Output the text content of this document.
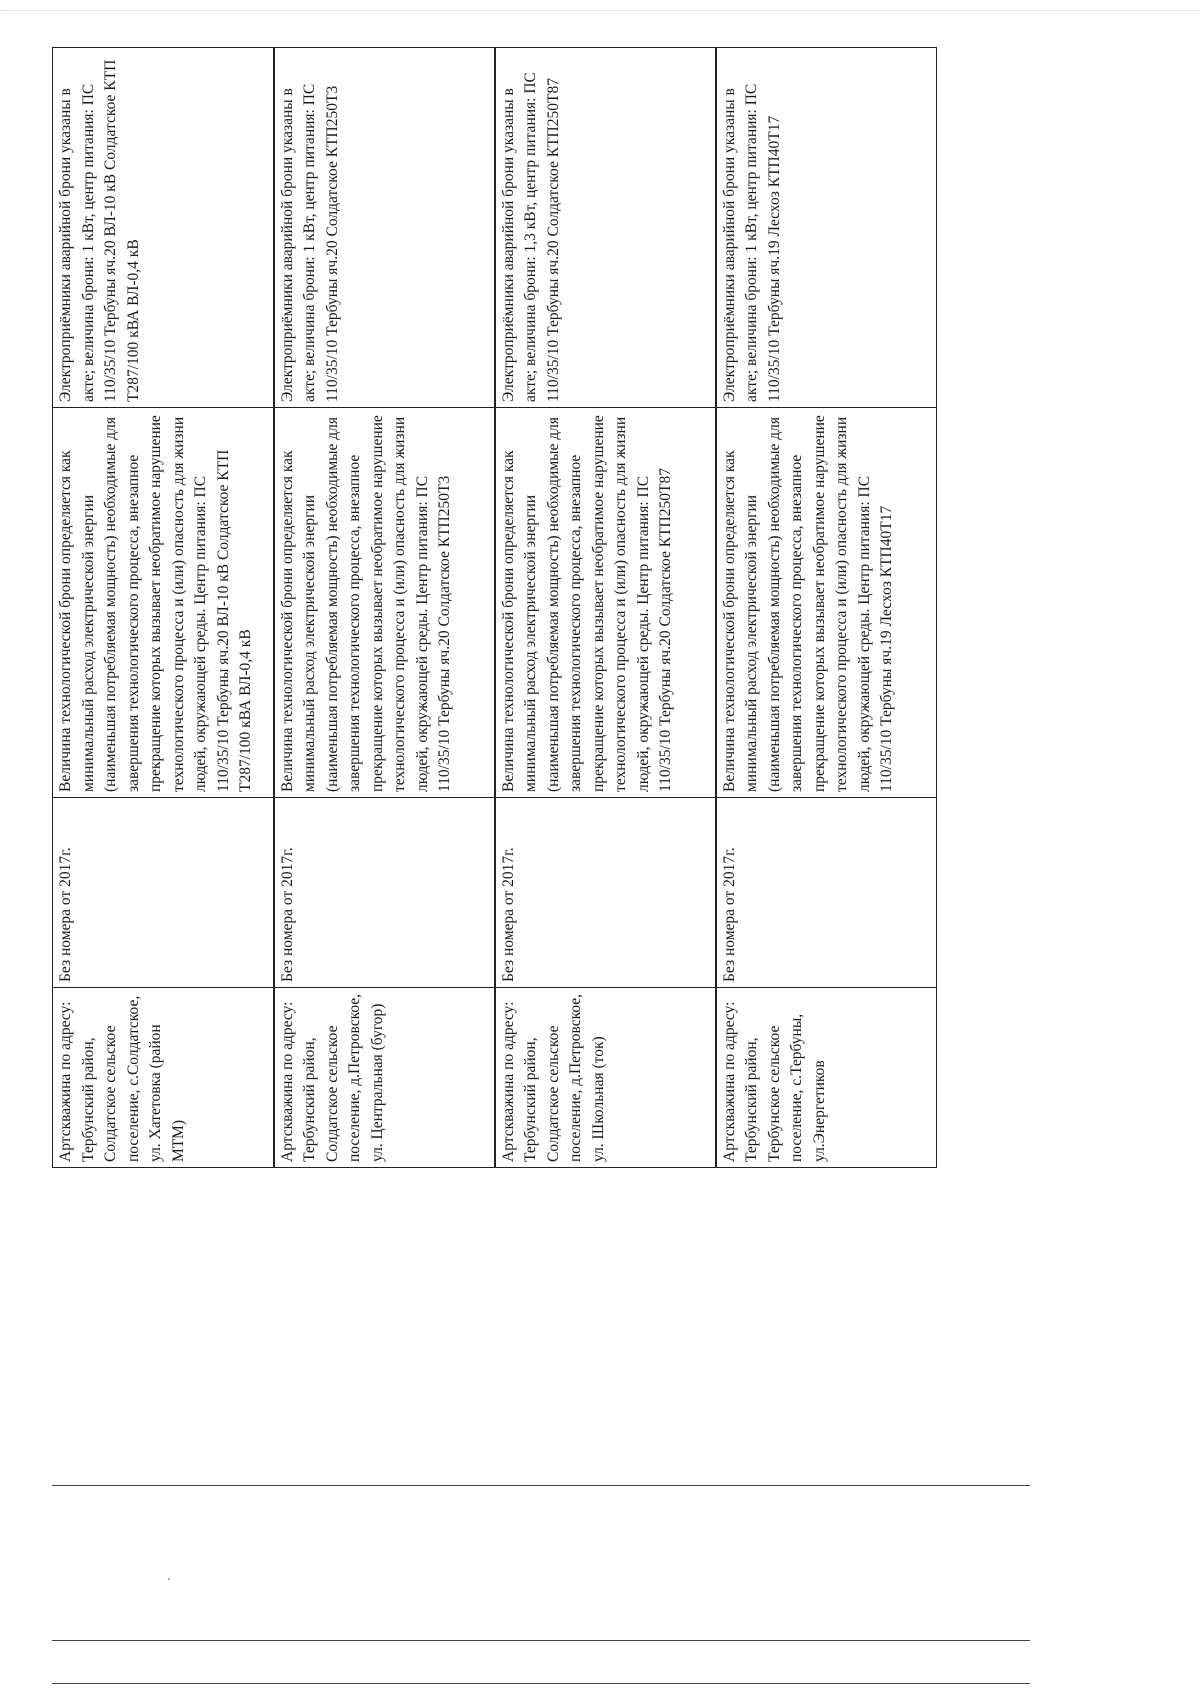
Артскважина по адресу: Тербунский район, Солдатское сельское поселение, с.Солдатское, ул. Хатетовка (район МТМ)	Без номера от 2017г.	Величина технологической брони определяется как минимальный расход электрической энергии (наименьшая потребляемая мощность) необходимые для завершения технологического процесса, внезапное прекращение которых вызывает необратимое нарушение технологического процесса и (или) опасность для жизни людей, окружающей среды. Центр питания: ПС 110/35/10 Тербуны яч.20 ВЛ-10 кВ Солдатское КТП Т287/100 кВА ВЛ-0,4 кВ	Электроприёмники аварийной брони указаны в акте; величина брони: 1 кВт, центр питания: ПС 110/35/10 Тербуны яч.20 ВЛ-10 кВ Солдатское КТП Т287/100 кВА ВЛ-0,4 кВ
Артскважина по адресу: Тербунский район, Солдатское сельское поселение, д.Петровское, ул. Центральная (бугор)	Без номера от 2017г.	Величина технологической брони определяется как минимальный расход электрической энергии (наименьшая потребляемая мощность) необходимые для завершения технологического процесса, внезапное прекращение которых вызывает необратимое нарушение технологического процесса и (или) опасность для жизни людей, окружающей среды. Центр питания: ПС 110/35/10 Тербуны яч.20 Солдатское КТП250Т3	Электроприёмники аварийной брони указаны в акте; величина брони: 1 кВт, центр питания: ПС 110/35/10 Тербуны яч.20 Солдатское КТП250Т3
Артскважина по адресу: Тербунский район, Солдатское сельское поселение, д.Петровское, ул. Школьная (ток)	Без номера от 2017г.	Величина технологической брони определяется как минимальный расход электрической энергии (наименьшая потребляемая мощность) необходимые для завершения технологического процесса, внезапное прекращение которых вызывает необратимое нарушение технологического процесса и (или) опасность для жизни людей, окружающей среды. Центр питания: ПС 110/35/10 Тербуны яч.20 Солдатское КТП250Т87	Электроприёмники аварийной брони указаны в акте; величина брони: 1,3 кВт, центр питания: ПС 110/35/10 Тербуны яч.20 Солдатское КТП250Т87
Артскважина по адресу: Тербунский район, Тербунское сельское поселение, с.Тербуны, ул.Энергетиков	Без номера от 2017г.	Величина технологической брони определяется как минимальный расход электрической энергии (наименьшая потребляемая мощность) необходимые для завершения технологического процесса, внезапное прекращение которых вызывает необратимое нарушение технологического процесса и (или) опасность для жизни людей, окружающей среды. Центр питания: ПС 110/35/10 Тербуны яч.19 Лесхоз КТП40Т17	Электроприёмники аварийной брони указаны в акте; величина брони: 1 кВт, центр питания: ПС 110/35/10 Тербуны яч.19 Лесхоз КТП40Т17
